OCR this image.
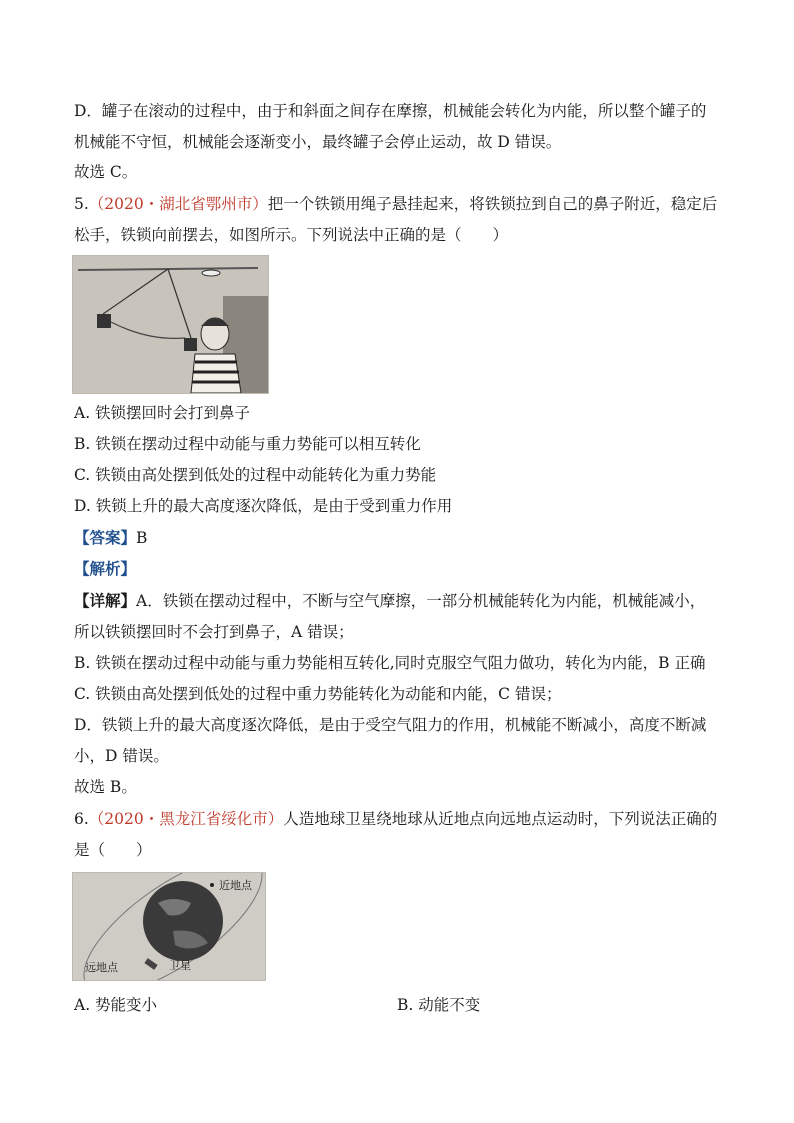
D．罐子在滚动的过程中，由于和斜面之间存在摩擦，机械能会转化为内能，所以整个罐子的
机械能不守恒，机械能会逐渐变小，最终罐子会停止运动，故 D 错误。
故选 C。
5.（2020・湖北省鄂州市）把一个铁锁用绳子悬挂起来，将铁锁拉到自己的鼻子附近，稳定后
松手，铁锁向前摆去，如图所示。下列说法中正确的是（　　）
A. 铁锁摆回时会打到鼻子
B. 铁锁在摆动过程中动能与重力势能可以相互转化
C. 铁锁由高处摆到低处的过程中动能转化为重力势能
D. 铁锁上升的最大高度逐次降低，是由于受到重力作用
【答案】B
【解析】
【详解】A．铁锁在摆动过程中，不断与空气摩擦，一部分机械能转化为内能，机械能减小，
所以铁锁摆回时不会打到鼻子，A 错误；
B. 铁锁在摆动过程中动能与重力势能相互转化,同时克服空气阻力做功，转化为内能，B 正确
C. 铁锁由高处摆到低处的过程中重力势能转化为动能和内能，C 错误；
D．铁锁上升的最大高度逐次降低，是由于受空气阻力的作用，机械能不断减小，高度不断减
小，D 错误。
故选 B。
6.（2020・黑龙江省绥化市）人造地球卫星绕地球从近地点向远地点运动时，下列说法正确的
是（　　）
近地点
远地点	卫星
A. 势能变小	B. 动能不变
